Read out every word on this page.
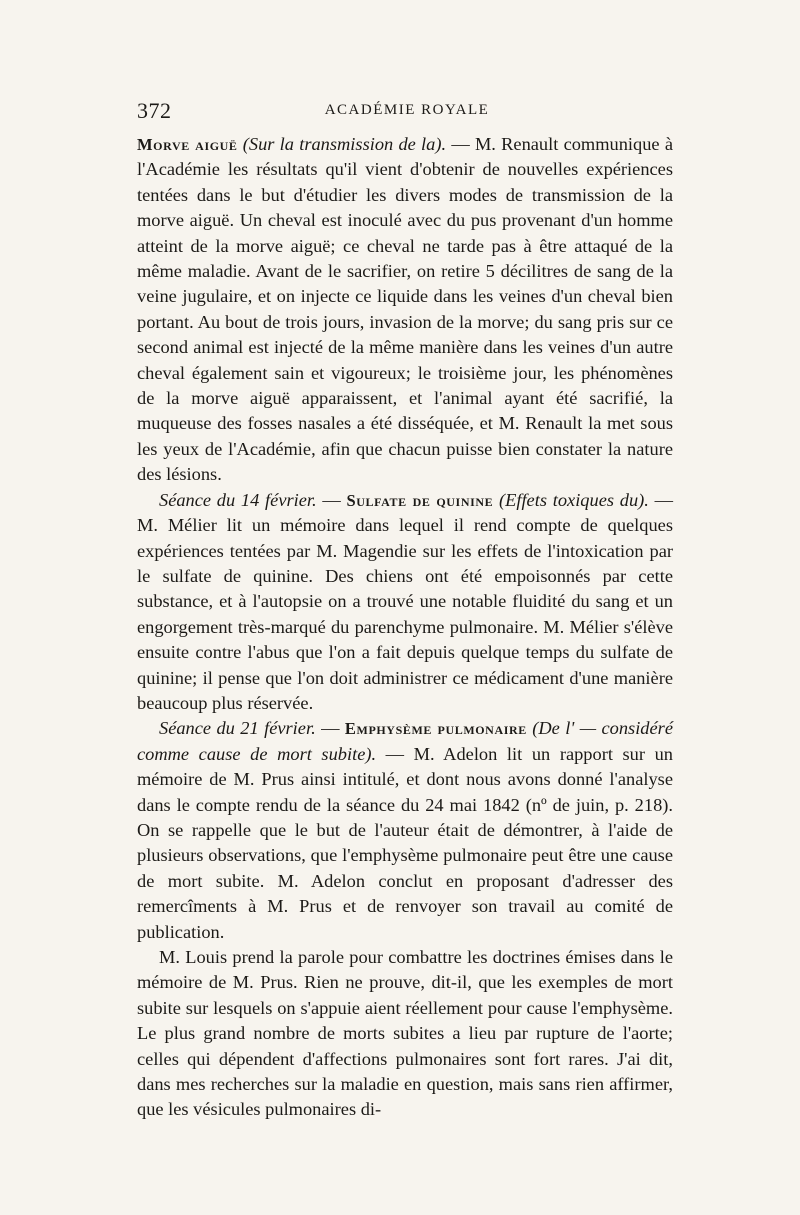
372	ACADÉMIE ROYALE

Morve aiguë (Sur la transmission de la). — M. Renault communique à l'Académie les résultats qu'il vient d'obtenir de nouvelles expériences tentées dans le but d'étudier les divers modes de transmission de la morve aiguë. Un cheval est inoculé avec du pus provenant d'un homme atteint de la morve aiguë; ce cheval ne tarde pas à être attaqué de la même maladie. Avant de le sacrifier, on retire 5 décilitres de sang de la veine jugulaire, et on injecte ce liquide dans les veines d'un cheval bien portant. Au bout de trois jours, invasion de la morve; du sang pris sur ce second animal est injecté de la même manière dans les veines d'un autre cheval également sain et vigoureux; le troisième jour, les phénomènes de la morve aiguë apparaissent, et l'animal ayant été sacrifié, la muqueuse des fosses nasales a été disséquée, et M. Renault la met sous les yeux de l'Académie, afin que chacun puisse bien constater la nature des lésions.

Séance du 14 février. — Sulfate de quinine (Effets toxiques du). — M. Mélier lit un mémoire dans lequel il rend compte de quelques expériences tentées par M. Magendie sur les effets de l'intoxication par le sulfate de quinine. Des chiens ont été empoisonnés par cette substance, et à l'autopsie on a trouvé une notable fluidité du sang et un engorgement très-marqué du parenchyme pulmonaire. M. Mélier s'élève ensuite contre l'abus que l'on a fait depuis quelque temps du sulfate de quinine; il pense que l'on doit administrer ce médicament d'une manière beaucoup plus réservée.

Séance du 21 février. — Emphysème pulmonaire (De l' — considéré comme cause de mort subite). — M. Adelon lit un rapport sur un mémoire de M. Prus ainsi intitulé, et dont nous avons donné l'analyse dans le compte rendu de la séance du 24 mai 1842 (nº de juin, p. 218). On se rappelle que le but de l'auteur était de démontrer, à l'aide de plusieurs observations, que l'emphysème pulmonaire peut être une cause de mort subite. M. Adelon conclut en proposant d'adresser des remercîments à M. Prus et de renvoyer son travail au comité de publication.

M. Louis prend la parole pour combattre les doctrines émises dans le mémoire de M. Prus. Rien ne prouve, dit-il, que les exemples de mort subite sur lesquels on s'appuie aient réellement pour cause l'emphysème. Le plus grand nombre de morts subites a lieu par rupture de l'aorte; celles qui dépendent d'affections pulmonaires sont fort rares. J'ai dit, dans mes recherches sur la maladie en question, mais sans rien affirmer, que les vésicules pulmonaires di-
